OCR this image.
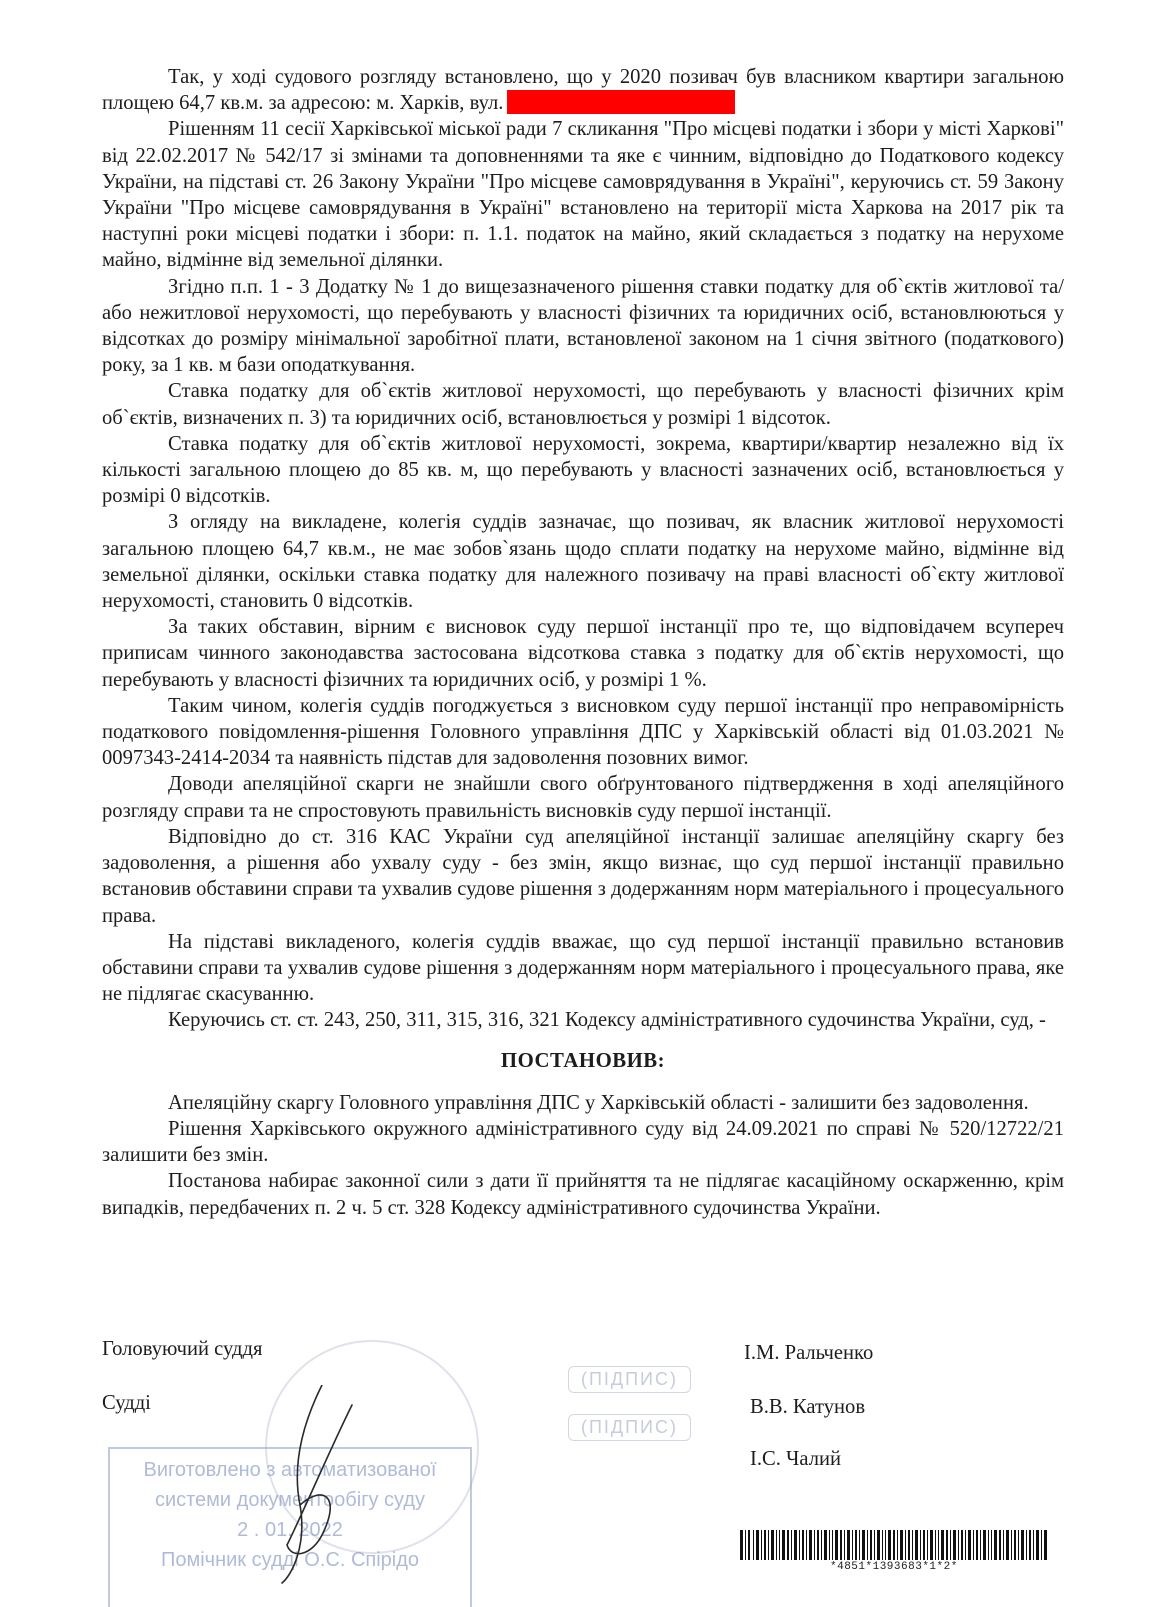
Так, у ході судового розгляду встановлено, що у 2020 позивач був власником квартири загальною площею 64,7 кв.м. за адресою: м. Харків, вул.

Рішенням 11 сесії Харківської міської ради 7 скликання "Про місцеві податки і збори у місті Харкові" від 22.02.2017 № 542/17 зі змінами та доповненнями та яке є чинним, відповідно до Податкового кодексу України, на підставі ст. 26 Закону України "Про місцеве самоврядування в Україні", керуючись ст. 59 Закону України "Про місцеве самоврядування в Україні" встановлено на території міста Харкова на 2017 рік та наступні роки місцеві податки і збори: п. 1.1. податок на майно, який складається з податку на нерухоме майно, відмінне від земельної ділянки.

Згідно п.п. 1 - 3 Додатку № 1 до вищезазначеного рішення ставки податку для об`єктів житлової та/або нежитлової нерухомості, що перебувають у власності фізичних та юридичних осіб, встановлюються у відсотках до розміру мінімальної заробітної плати, встановленої законом на 1 січня звітного (податкового) року, за 1 кв. м бази оподаткування.

Ставка податку для об`єктів житлової нерухомості, що перебувають у власності фізичних крім об`єктів, визначених п. 3) та юридичних осіб, встановлюється у розмірі 1 відсоток.

Ставка податку для об`єктів житлової нерухомості, зокрема, квартири/квартир незалежно від їх кількості загальною площею до 85 кв. м, що перебувають у власності зазначених осіб, встановлюється у розмірі 0 відсотків.

З огляду на викладене, колегія суддів зазначає, що позивач, як власник житлової нерухомості загальною площею 64,7 кв.м., не має зобов`язань щодо сплати податку на нерухоме майно, відмінне від земельної ділянки, оскільки ставка податку для належного позивачу на праві власності об`єкту житлової нерухомості, становить 0 відсотків.

За таких обставин, вірним є висновок суду першої інстанції про те, що відповідачем всупереч приписам чинного законодавства застосована відсоткова ставка з податку для об`єктів нерухомості, що перебувають у власності фізичних та юридичних осіб, у розмірі 1 %.

Таким чином, колегія суддів погоджується з висновком суду першої інстанції про неправомірність податкового повідомлення-рішення Головного управління ДПС у Харківській області від 01.03.2021 № 0097343-2414-2034 та наявність підстав для задоволення позовних вимог.

Доводи апеляційної скарги не знайшли свого обґрунтованого підтвердження в ході апеляційного розгляду справи та не спростовують правильність висновків суду першої інстанції.

Відповідно до ст. 316 КАС України суд апеляційної інстанції залишає апеляційну скаргу без задоволення, а рішення або ухвалу суду - без змін, якщо визнає, що суд першої інстанції правильно встановив обставини справи та ухвалив судове рішення з додержанням норм матеріального і процесуального права.

На підставі викладеного, колегія суддів вважає, що суд першої інстанції правильно встановив обставини справи та ухвалив судове рішення з додержанням норм матеріального і процесуального права, яке не підлягає скасуванню.

Керуючись ст. ст. 243, 250, 311, 315, 316, 321 Кодексу адміністративного судочинства України, суд, -

ПОСТАНОВИВ:

Апеляційну скаргу Головного управління ДПС у Харківській області - залишити без задоволення.

Рішення Харківського окружного адміністративного суду від 24.09.2021 по справі № 520/12722/21 залишити без змін.

Постанова набирає законної сили з дати її прийняття та не підлягає касаційному оскарженню, крім випадків, передбачених п. 2 ч. 5 ст. 328 Кодексу адміністративного судочинства України.

(ПІДПИС)
(ПІДПИС)
Головуючий суддя
Судді
І.М. Ральченко
В.В. Катунов
І.С. Чалий
Виготовлено з автоматизованої
системи документообігу суду
2 . 01. 2022
Помічник судді О.С. Спірідо	*4851*1393683*1*2*
